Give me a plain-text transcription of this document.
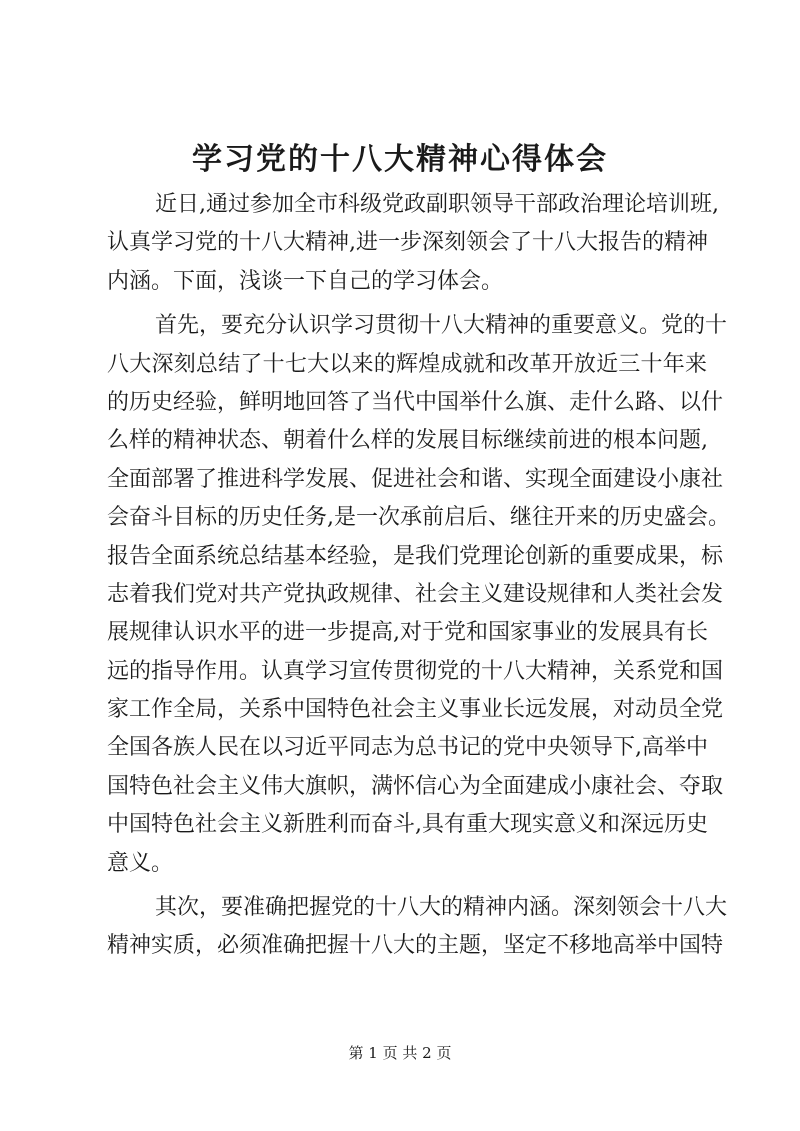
学习党的十八大精神心得体会
近日,通过参加全市科级党政副职领导干部政治理论培训班,
认真学习党的十八大精神,进一步深刻领会了十八大报告的精神
内涵。下面，浅谈一下自己的学习体会。
首先，要充分认识学习贯彻十八大精神的重要意义。党的十
八大深刻总结了十七大以来的辉煌成就和改革开放近三十年来
的历史经验，鲜明地回答了当代中国举什么旗、走什么路、以什
么样的精神状态、朝着什么样的发展目标继续前进的根本问题,
全面部署了推进科学发展、促进社会和谐、实现全面建设小康社
会奋斗目标的历史任务,是一次承前启后、继往开来的历史盛会。
报告全面系统总结基本经验，是我们党理论创新的重要成果，标
志着我们党对共产党执政规律、社会主义建设规律和人类社会发
展规律认识水平的进一步提高,对于党和国家事业的发展具有长
远的指导作用。认真学习宣传贯彻党的十八大精神，关系党和国
家工作全局，关系中国特色社会主义事业长远发展，对动员全党
全国各族人民在以习近平同志为总书记的党中央领导下,高举中
国特色社会主义伟大旗帜，满怀信心为全面建成小康社会、夺取
中国特色社会主义新胜利而奋斗,具有重大现实意义和深远历史
意义。
其次，要准确把握党的十八大的精神内涵。深刻领会十八大
精神实质，必须准确把握十八大的主题，坚定不移地高举中国特
第 1 页 共 2 页
